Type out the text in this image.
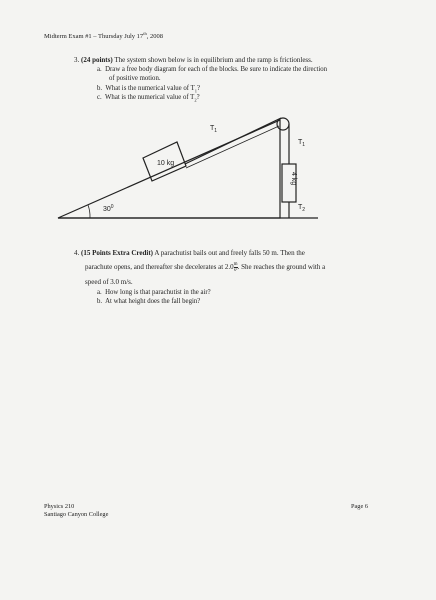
Midterm Exam #1 – Thursday July 17th, 2008
3. (24 points) The system shown below is in equilibrium and the ramp is frictionless.
a. Draw a free body diagram for each of the blocks. Be sure to indicate the direction
of positive motion.
b. What is the numerical value of $T_1$?
c. What is the numerical value of $T_2$?
$30^0$
10 kg
4 kg
$T_1$
$T_1$
$T_2$
4. (15 Points Extra Credit) A parachutist bails out and freely falls 50 m. Then the
parachute opens, and thereafter she decelerates at $2.0 \frac{m}{\text{s²}}$ . She reaches the ground with a
speed of 3.0 m/s.
a. How long is that parachutist in the air?
b. At what height does the fall begin?
Physics 210
Santiago Canyon College
Page 6
